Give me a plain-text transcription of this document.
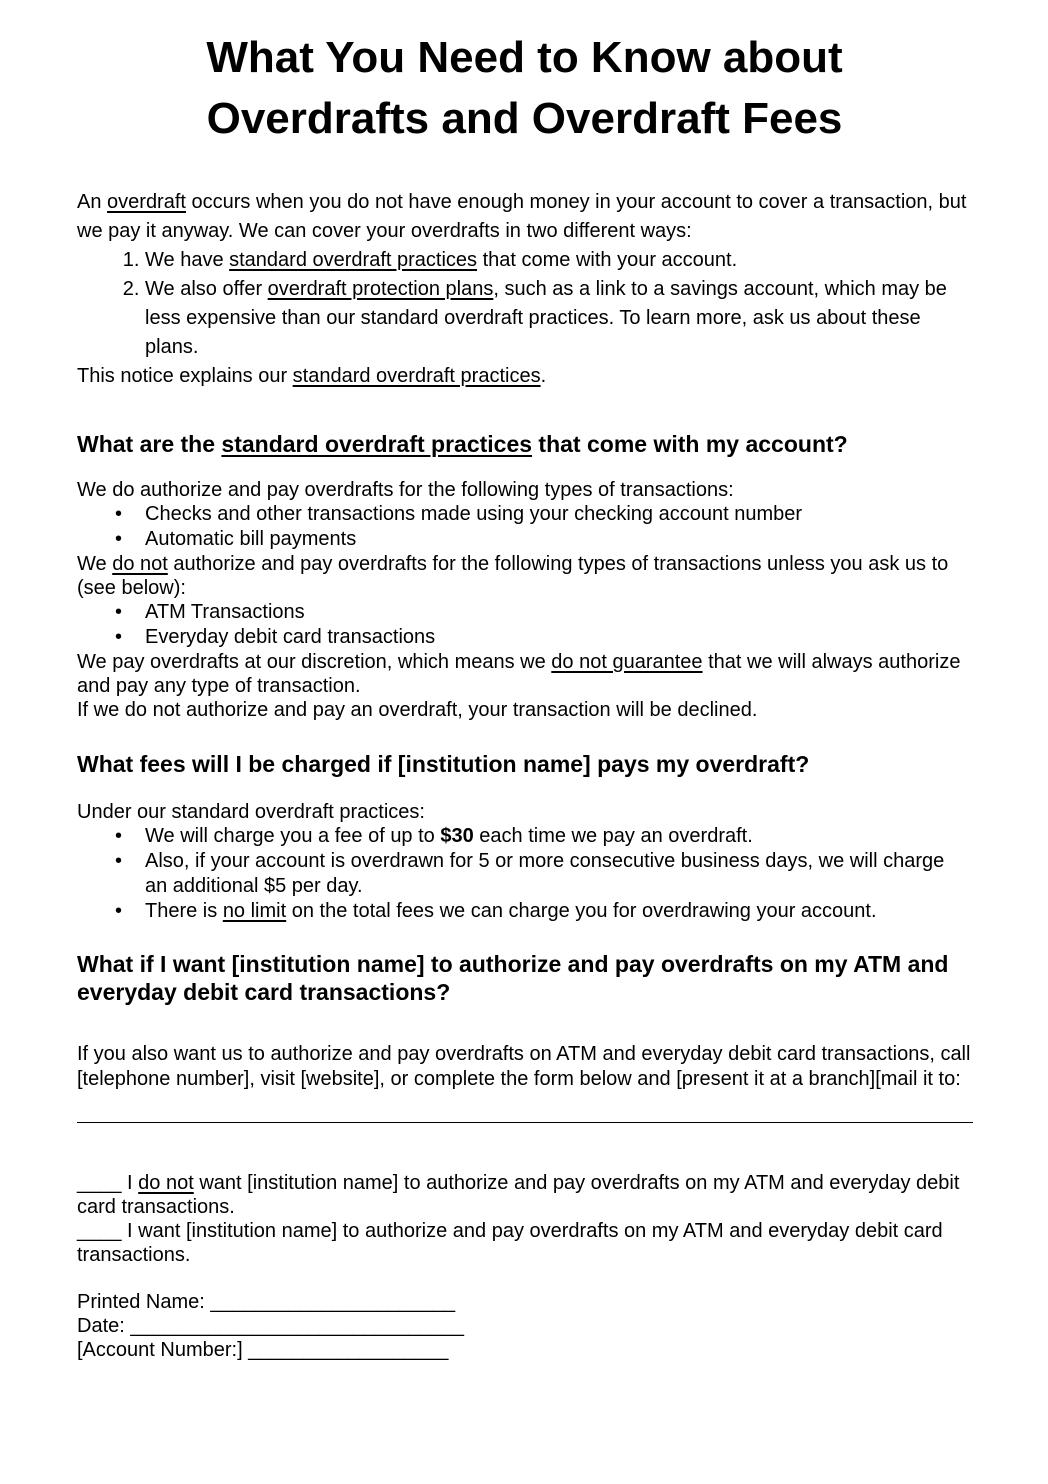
What You Need to Know about
Overdrafts and Overdraft Fees

An overdraft occurs when you do not have enough money in your account to cover a transaction, but we pay it anyway. We can cover your overdrafts in two different ways:

1. We have standard overdraft practices that come with your account.
2. We also offer overdraft protection plans, such as a link to a savings account, which may be less expensive than our standard overdraft practices. To learn more, ask us about these plans.

This notice explains our standard overdraft practices.

What are the standard overdraft practices that come with my account?

We do authorize and pay overdrafts for the following types of transactions:

• Checks and other transactions made using your checking account number
• Automatic bill payments

We do not authorize and pay overdrafts for the following types of transactions unless you ask us to (see below):

• ATM Transactions
• Everyday debit card transactions

We pay overdrafts at our discretion, which means we do not guarantee that we will always authorize and pay any type of transaction.

If we do not authorize and pay an overdraft, your transaction will be declined.

What fees will I be charged if [institution name] pays my overdraft?

Under our standard overdraft practices:

• We will charge you a fee of up to $30 each time we pay an overdraft.
• Also, if your account is overdrawn for 5 or more consecutive business days, we will charge an additional $5 per day.
• There is no limit on the total fees we can charge you for overdrawing your account.
What if I want [institution name] to authorize and pay overdrafts on my ATM and everyday debit card transactions?

If you also want us to authorize and pay overdrafts on ATM and everyday debit card transactions, call [telephone number], visit [website], or complete the form below and [present it at a branch][mail it to:

____ I do not want [institution name] to authorize and pay overdrafts on my ATM and everyday debit card transactions.

____ I want [institution name] to authorize and pay overdrafts on my ATM and everyday debit card transactions.

Printed Name: ______________________

Date: ______________________________

[Account Number:] __________________
